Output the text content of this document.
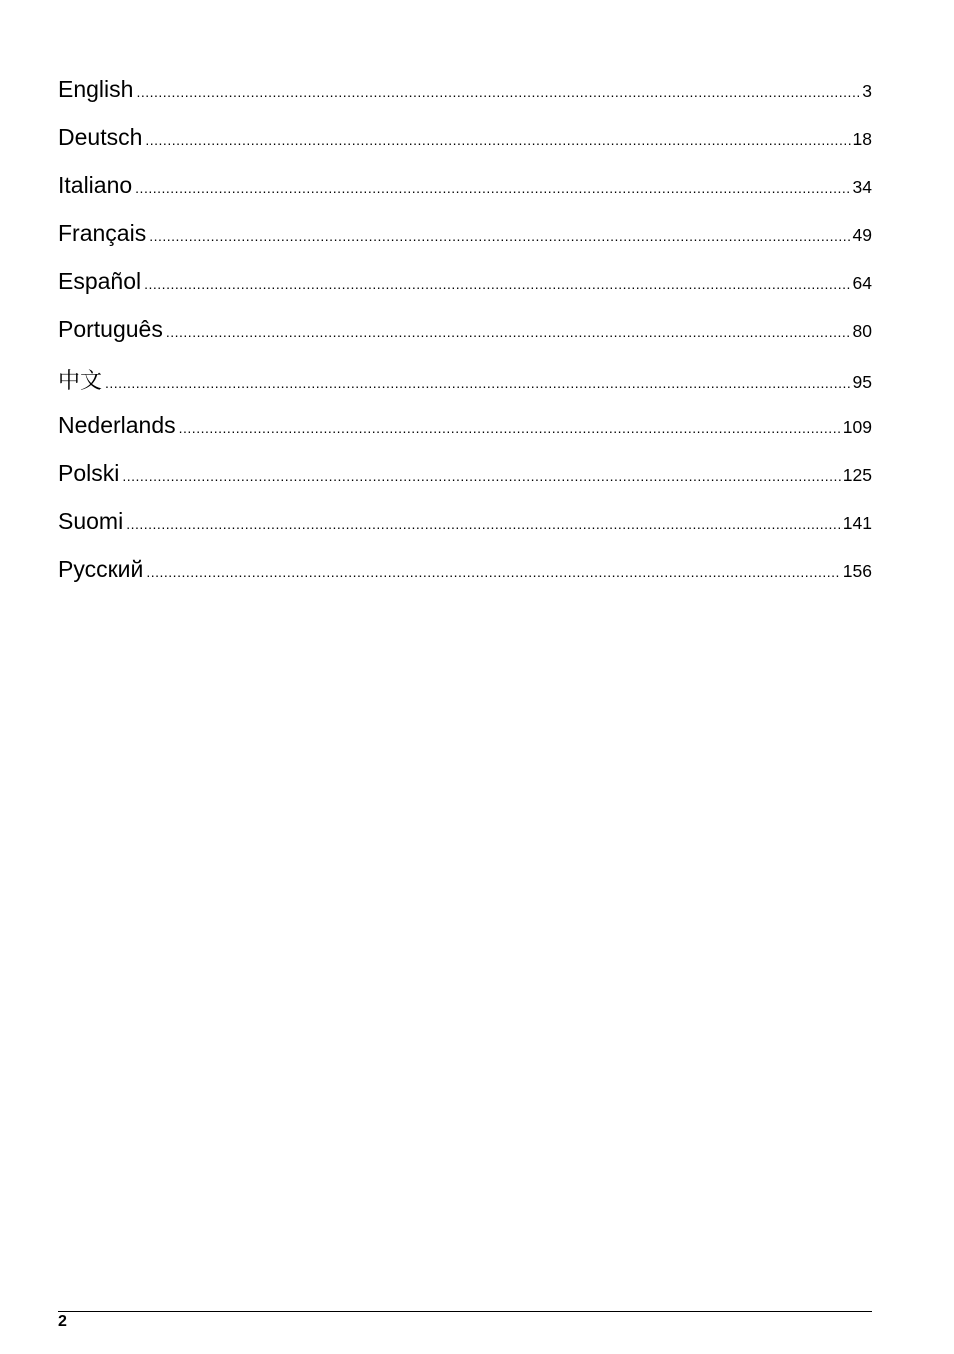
English .....	3
Deutsch .....	18
Italiano .....	34
Français .....	49
Español .....	64
Português .....	80
中文 .....	95
Nederlands .....	109
Polski .....	125
Suomi .....	141
Русский .....	156
2
